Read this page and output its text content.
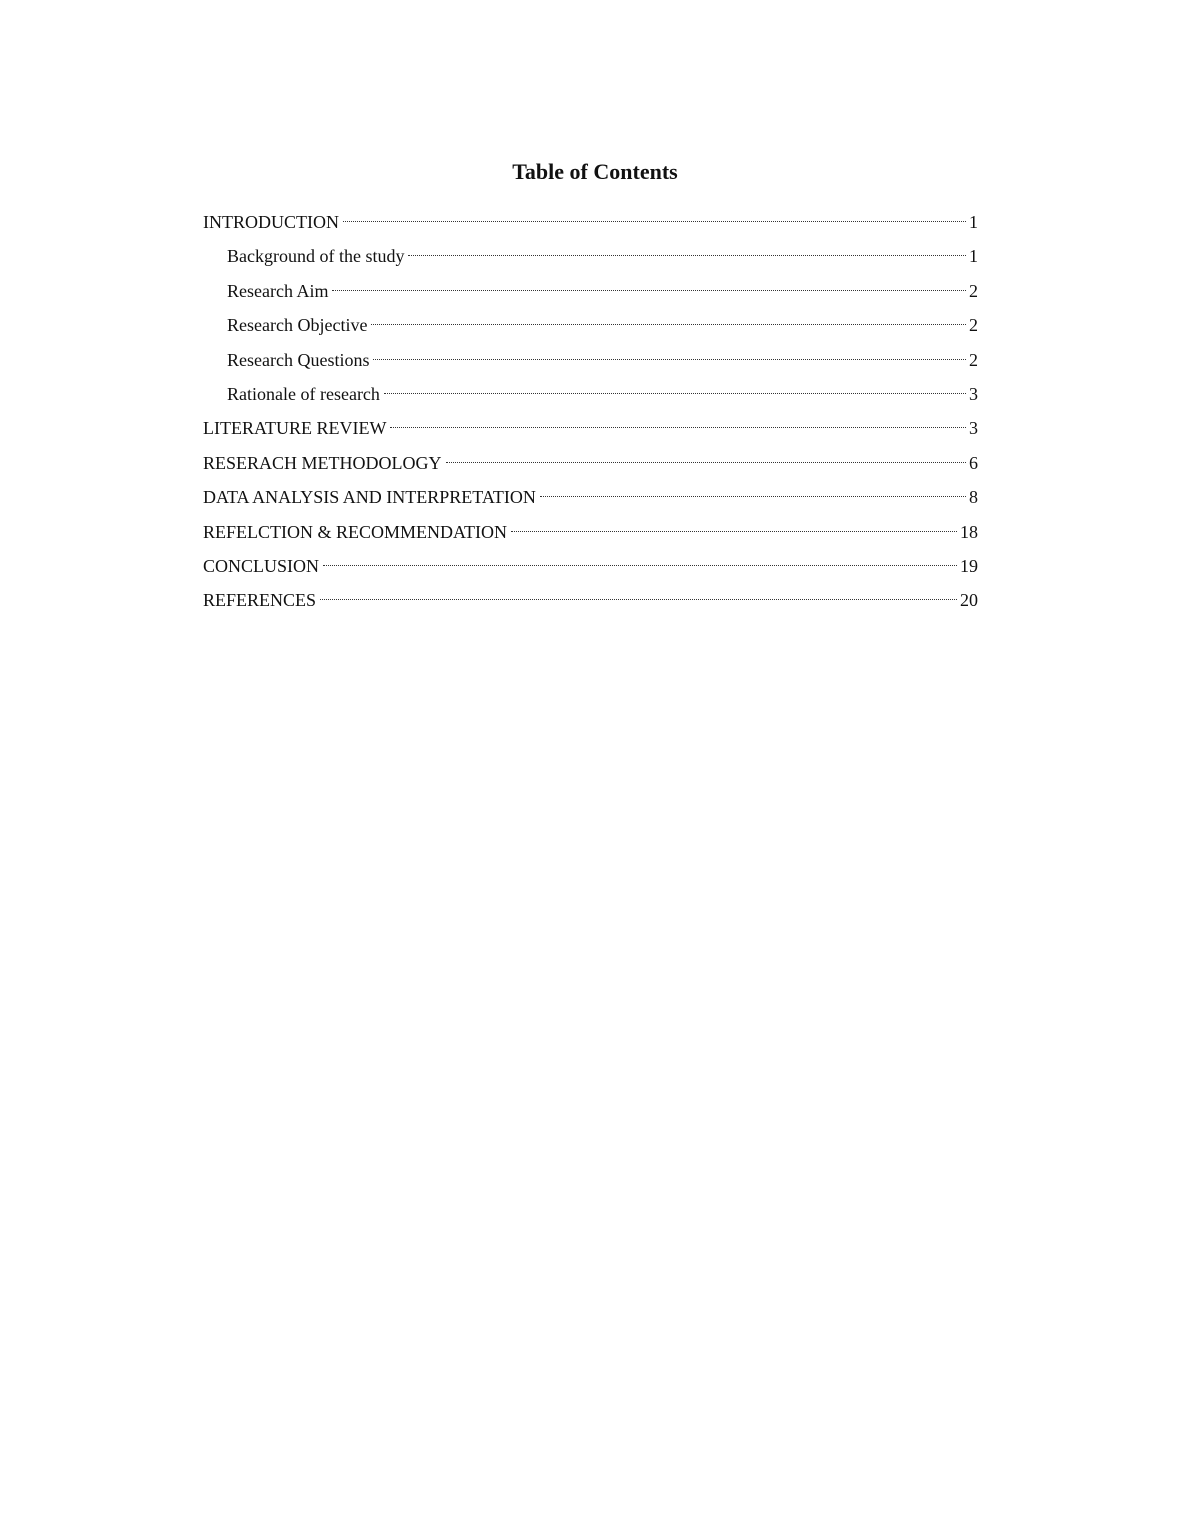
Table of Contents
INTRODUCTION	1
Background of the study	1
Research Aim	2
Research Objective	2
Research Questions	2
Rationale of research	3
LITERATURE REVIEW	3
RESERACH METHODOLOGY	6
DATA ANALYSIS AND INTERPRETATION	8
REFELCTION & RECOMMENDATION	18
CONCLUSION	19
REFERENCES	20
